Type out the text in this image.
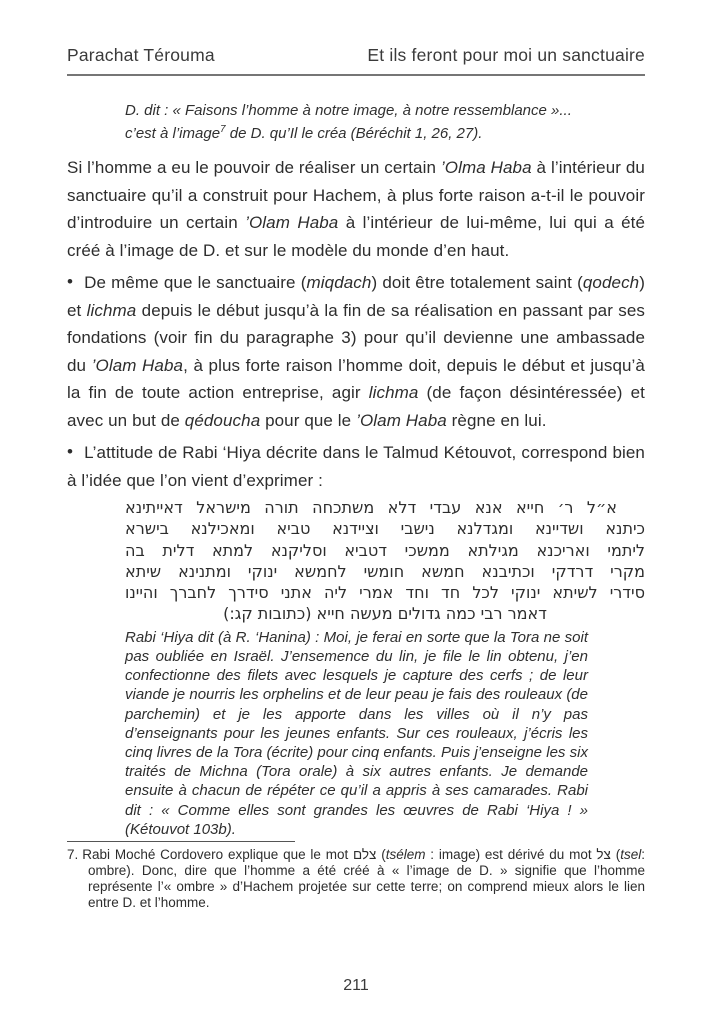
Parachat Térouma	Et ils feront pour moi un sanctuaire
D. dit : « Faisons l’homme à notre image, à notre ressemblance »...
c’est à l’image$^7$ de D. qu’Il le créa (Béréchit 1, 26, 27).
Si l’homme a eu le pouvoir de réaliser un certain ’Olma Haba à l’intérieur du sanctuaire qu’il a construit pour Hachem, à plus forte raison a-t-il le pouvoir d’introduire un certain ’Olam Haba à l’intérieur de lui-même, lui qui a été créé à l’image de D. et sur le modèle du monde d’en haut.
• De même que le sanctuaire (miqdach) doit être totalement saint (qodech) et lichma depuis le début jusqu’à la fin de sa réalisation en passant par ses fondations (voir fin du paragraphe 3) pour qu’il devienne une ambassade du ’Olam Haba, à plus forte raison l’homme doit, depuis le début et jusqu’à la fin de toute action entreprise, agir lichma (de façon désintéressée) et avec un but de qédoucha pour que le ’Olam Haba règne en lui.
• L’attitude de Rabi ‘Hiya décrite dans le Talmud Kétouvot, correspond bien à l’idée que l’on vient d’exprimer :
א״ל ר׳ חייא אנא עבדי דלא משתכחה תורה מישראל דאייתינא
כיתנא ושדיינא ומגדלנא נישבי וציידנא טביא ומאכילנא בישרא
ליתמי ואריכנא מגילתא ממשכי דטביא וסליקנא למתא דלית בה
מקרי דרדקי וכתיבנא חמשא חומשי לחמשא ינוקי ומתנינא שיתא
סידרי לשיתא ינוקי לכל חד וחד אמרי ליה אתני סידרך לחברך והיינו
דאמר רבי כמה גדולים מעשה חייא (כתובות קג:)
Rabi ‘Hiya dit (à R. ‘Hanina) : Moi, je ferai en sorte que la Tora ne soit pas oubliée en Israël. J’ensemence du lin, je file le lin obtenu, j’en confectionne des filets avec lesquels je capture des cerfs ; de leur viande je nourris les orphelins et de leur peau je fais des rouleaux (de parchemin) et je les apporte dans les villes où il n’y pas d’enseignants pour les jeunes enfants. Sur ces rouleaux, j’écris les cinq livres de la Tora (écrite) pour cinq enfants. Puis j’enseigne les six traités de Michna (Tora orale) à six autres enfants. Je demande ensuite à chacun de répéter ce qu’il a appris à ses camarades. Rabi dit : « Comme elles sont grandes les œuvres de Rabi ‘Hiya ! » (Kétouvot 103b).
7. Rabi Moché Cordovero explique que le mot צלם (tsélem : image) est dérivé du mot צל (tsel: ombre). Donc, dire que l’homme a été créé à « l’image de D. » signifie que l’homme représente l’« ombre » d’Hachem projetée sur cette terre; on comprend mieux alors le lien entre D. et l’homme.
211
